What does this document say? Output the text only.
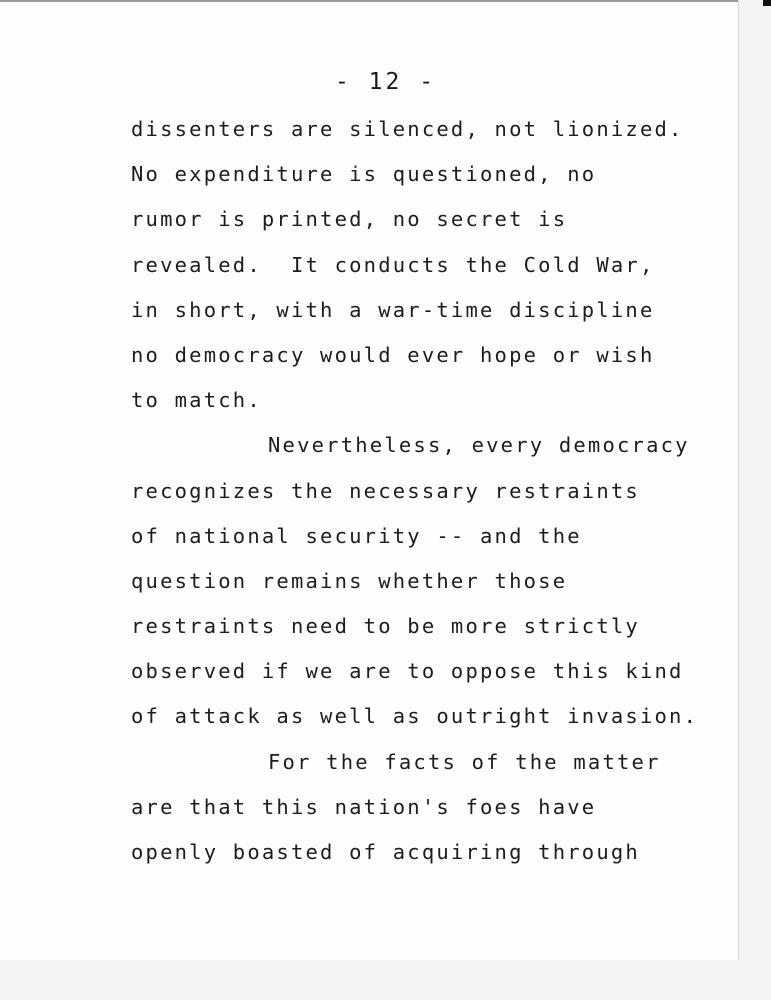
- 12 -
dissenters are silenced, not lionized.
No expenditure is questioned, no
rumor is printed, no secret is
revealed.  It conducts the Cold War,
in short, with a war-time discipline
no democracy would ever hope or wish
to match.
Nevertheless, every democracy
recognizes the necessary restraints
of national security -- and the
question remains whether those
restraints need to be more strictly
observed if we are to oppose this kind
of attack as well as outright invasion.
For the facts of the matter
are that this nation's foes have
openly boasted of acquiring through
